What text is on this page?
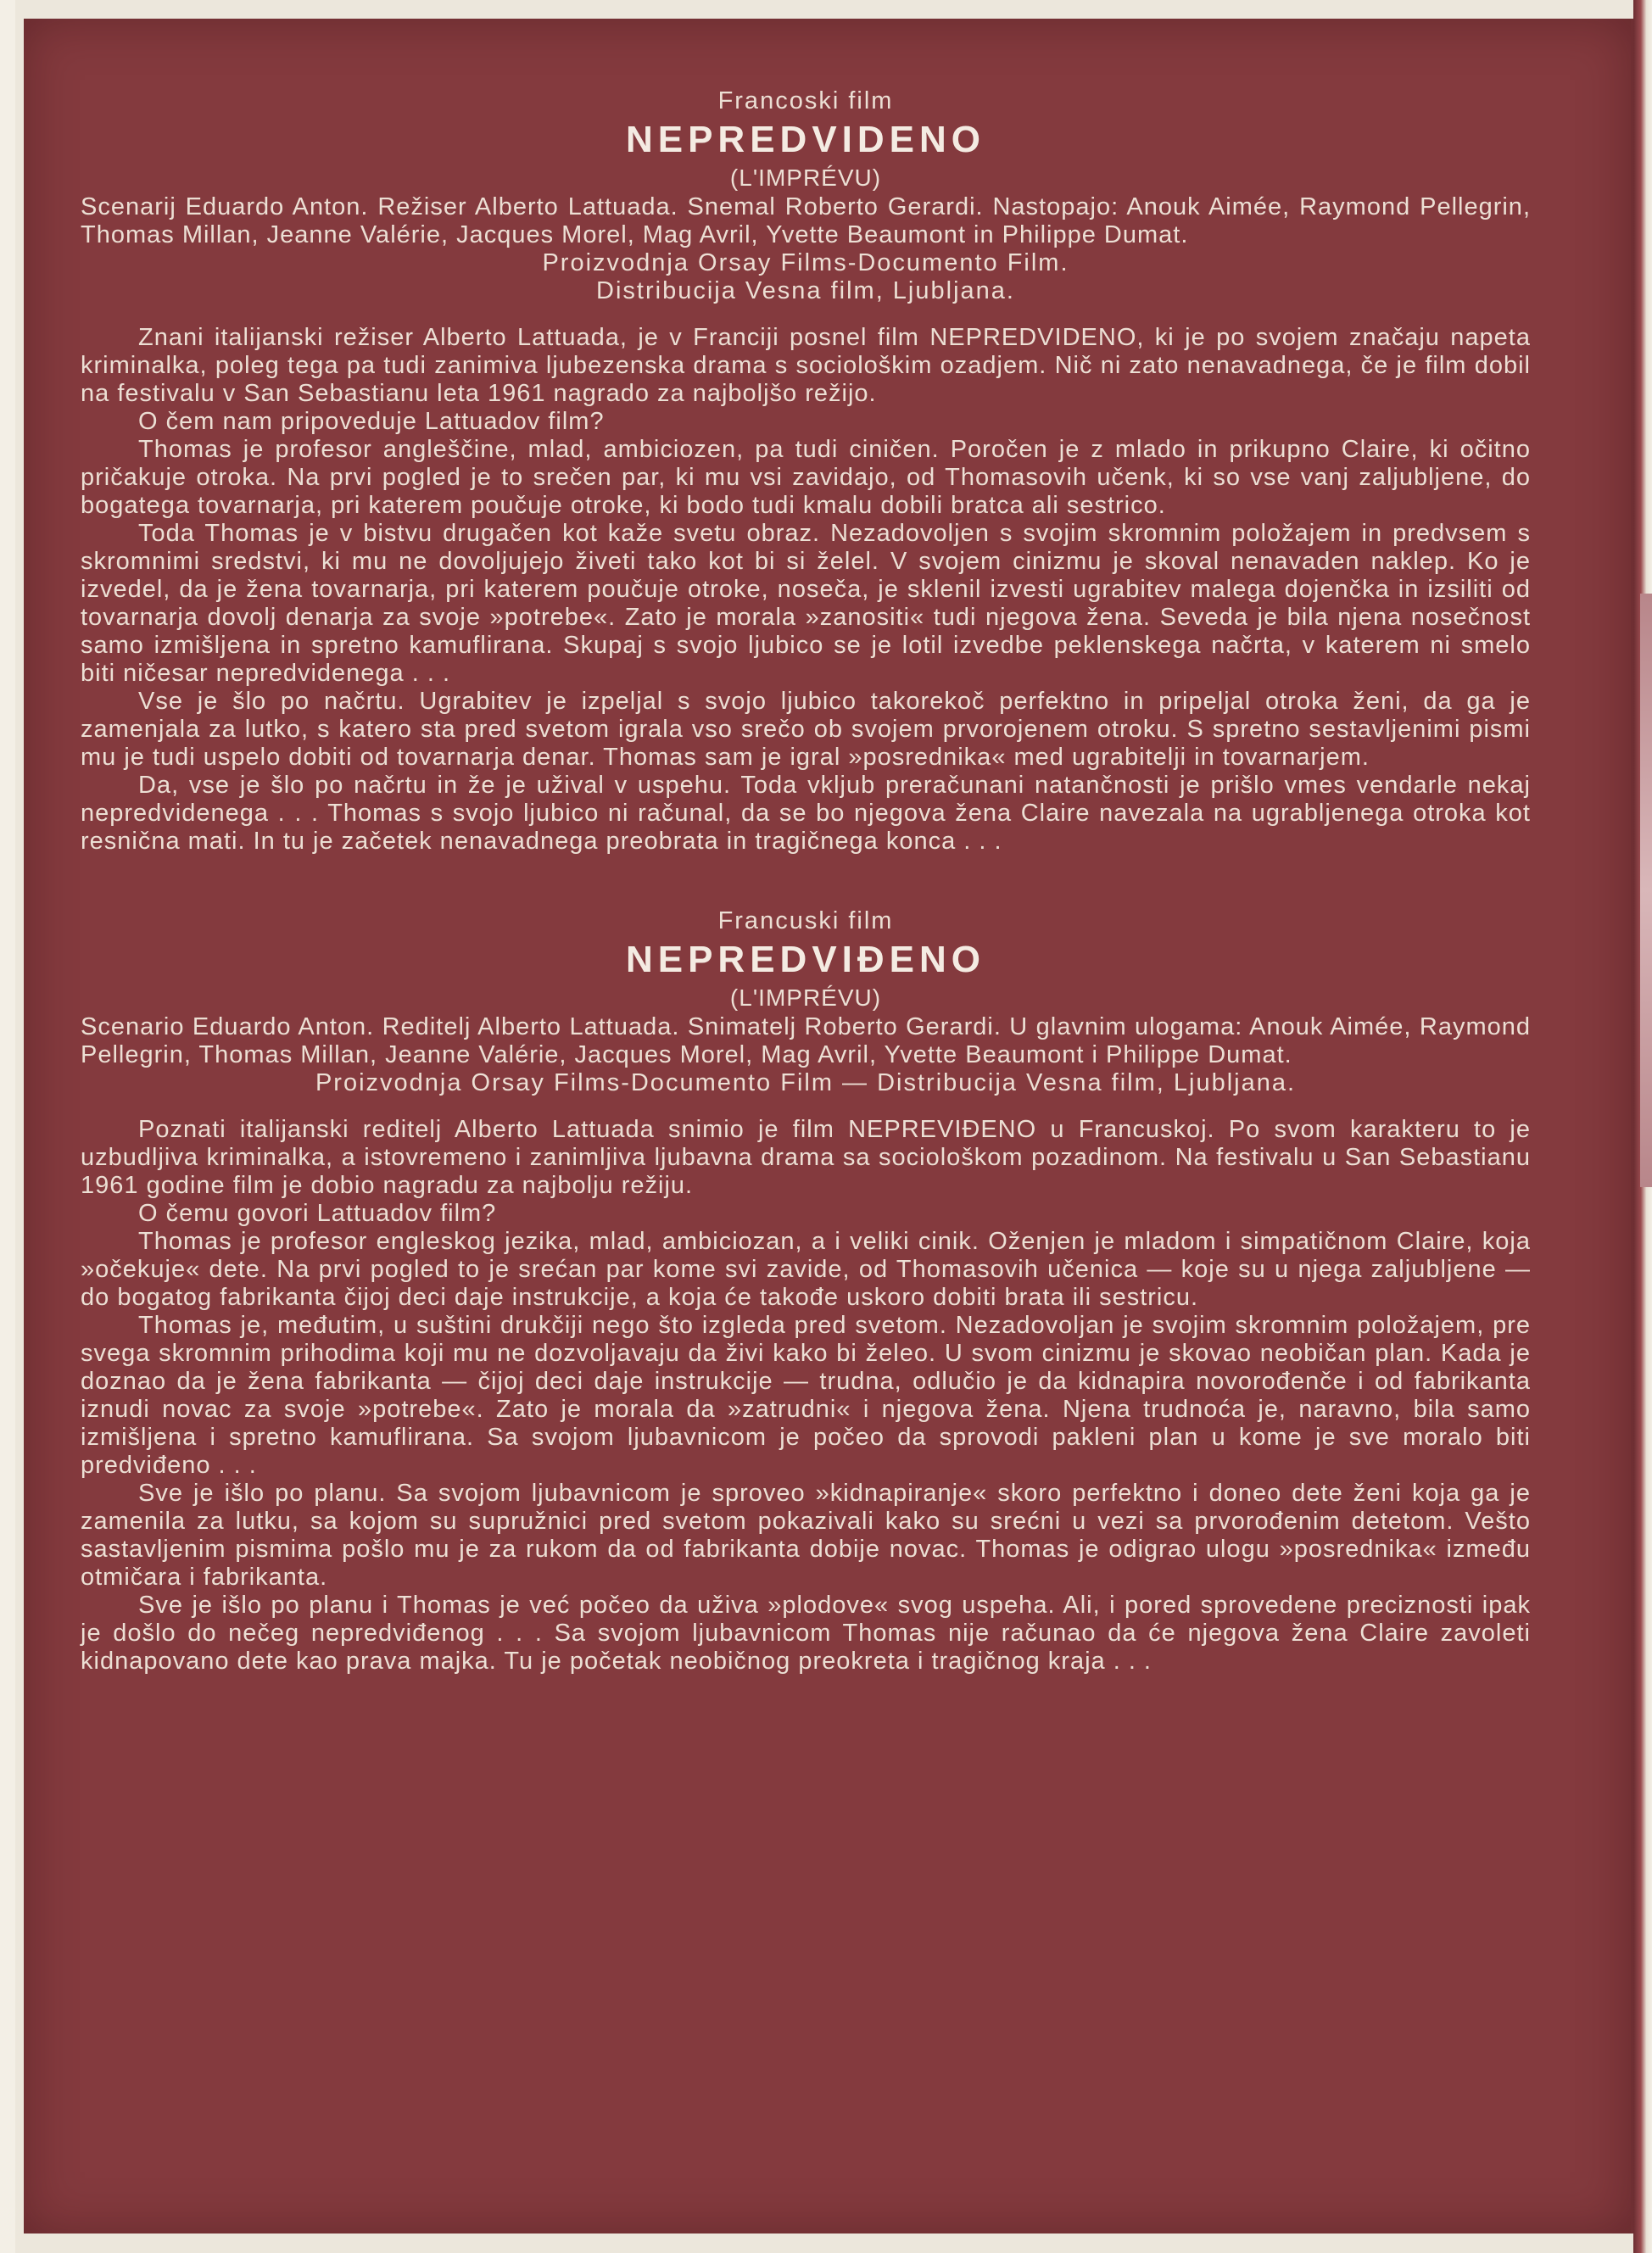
Francoski film
NEPREDVIDENO
(L'IMPRÉVU)
Scenarij Eduardo Anton. Režiser Alberto Lattuada. Snemal Roberto Gerardi. Nastopajo: Anouk Aimée, Raymond Pellegrin, Thomas Millan, Jeanne Valérie, Jacques Morel, Mag Avril, Yvette Beaumont in Philippe Dumat.
Proizvodnja Orsay Films-Documento Film.
Distribucija Vesna film, Ljubljana.

Znani italijanski režiser Alberto Lattuada, je v Franciji posnel film NEPREDVIDENO, ki je po svojem značaju napeta kriminalka, poleg tega pa tudi zanimiva ljubezenska drama s sociološkim ozadjem. Nič ni zato nenavadnega, če je film dobil na festivalu v San Sebastianu leta 1961 nagrado za najboljšo režijo.

O čem nam pripoveduje Lattuadov film?

Thomas je profesor angleščine, mlad, ambiciozen, pa tudi ciničen. Poročen je z mlado in prikupno Claire, ki očitno pričakuje otroka. Na prvi pogled je to srečen par, ki mu vsi zavidajo, od Thomasovih učenk, ki so vse vanj zaljubljene, do bogatega tovarnarja, pri katerem poučuje otroke, ki bodo tudi kmalu dobili bratca ali sestrico.

Toda Thomas je v bistvu drugačen kot kaže svetu obraz. Nezadovoljen s svojim skromnim položajem in predvsem s skromnimi sredstvi, ki mu ne dovoljujejo živeti tako kot bi si želel. V svojem cinizmu je skoval nenavaden naklep. Ko je izvedel, da je žena tovarnarja, pri katerem poučuje otroke, noseča, je sklenil izvesti ugrabitev malega dojenčka in izsiliti od tovarnarja dovolj denarja za svoje »potrebe«. Zato je morala »zanositi« tudi njegova žena. Seveda je bila njena nosečnost samo izmišljena in spretno kamuflirana. Skupaj s svojo ljubico se je lotil izvedbe peklenskega načrta, v katerem ni smelo biti ničesar nepredvidenega . . .

Vse je šlo po načrtu. Ugrabitev je izpeljal s svojo ljubico takorekoč perfektno in pripeljal otroka ženi, da ga je zamenjala za lutko, s katero sta pred svetom igrala vso srečo ob svojem prvorojenem otroku. S spretno sestavljenimi pismi mu je tudi uspelo dobiti od tovarnarja denar. Thomas sam je igral »posrednika« med ugrabitelji in tovarnarjem.

Da, vse je šlo po načrtu in že je užival v uspehu. Toda vkljub preračunani natančnosti je prišlo vmes vendarle nekaj nepredvidenega . . . Thomas s svojo ljubico ni računal, da se bo njegova žena Claire navezala na ugrabljenega otroka kot resnična mati. In tu je začetek nenavadnega preobrata in tragičnega konca . . .

Francuski film
NEPREDVIĐENO
(L'IMPRÉVU)
Scenario Eduardo Anton. Reditelj Alberto Lattuada. Snimatelj Roberto Gerardi. U glavnim ulogama: Anouk Aimée, Raymond Pellegrin, Thomas Millan, Jeanne Valérie, Jacques Morel, Mag Avril, Yvette Beaumont i Philippe Dumat.
Proizvodnja Orsay Films-Documento Film — Distribucija Vesna film, Ljubljana.

Poznati italijanski reditelj Alberto Lattuada snimio je film NEPREVIĐENO u Francuskoj. Po svom karakteru to je uzbudljiva kriminalka, a istovremeno i zanimljiva ljubavna drama sa sociološkom pozadinom. Na festivalu u San Sebastianu 1961 godine film je dobio nagradu za najbolju režiju.

O čemu govori Lattuadov film?

Thomas je profesor engleskog jezika, mlad, ambiciozan, a i veliki cinik. Oženjen je mladom i simpatičnom Claire, koja »očekuje« dete. Na prvi pogled to je srećan par kome svi zavide, od Thomasovih učenica — koje su u njega zaljubljene — do bogatog fabrikanta čijoj deci daje instrukcije, a koja će takođe uskoro dobiti brata ili sestricu.

Thomas je, međutim, u suštini drukčiji nego što izgleda pred svetom. Nezadovoljan je svojim skromnim položajem, pre svega skromnim prihodima koji mu ne dozvoljavaju da živi kako bi želeo. U svom cinizmu je skovao neobičan plan. Kada je doznao da je žena fabrikanta — čijoj deci daje instrukcije — trudna, odlučio je da kidnapira novorođenče i od fabrikanta iznudi novac za svoje »potrebe«. Zato je morala da »zatrudni« i njegova žena. Njena trudnoća je, naravno, bila samo izmišljena i spretno kamuflirana. Sa svojom ljubavnicom je počeo da sprovodi pakleni plan u kome je sve moralo biti predviđeno . . .

Sve je išlo po planu. Sa svojom ljubavnicom je sproveo »kidnapiranje« skoro perfektno i doneo dete ženi koja ga je zamenila za lutku, sa kojom su supružnici pred svetom pokazivali kako su srećni u vezi sa prvorođenim detetom. Vešto sastavljenim pismima pošlo mu je za rukom da od fabrikanta dobije novac. Thomas je odigrao ulogu »posrednika« između otmičara i fabrikanta.

Sve je išlo po planu i Thomas je već počeo da uživa »plodove« svog uspeha. Ali, i pored sprovedene preciznosti ipak je došlo do nečeg nepredviđenog . . . Sa svojom ljubavnicom Thomas nije računao da će njegova žena Claire zavoleti kidnapovano dete kao prava majka. Tu je početak neobičnog preokreta i tragičnog kraja . . .
